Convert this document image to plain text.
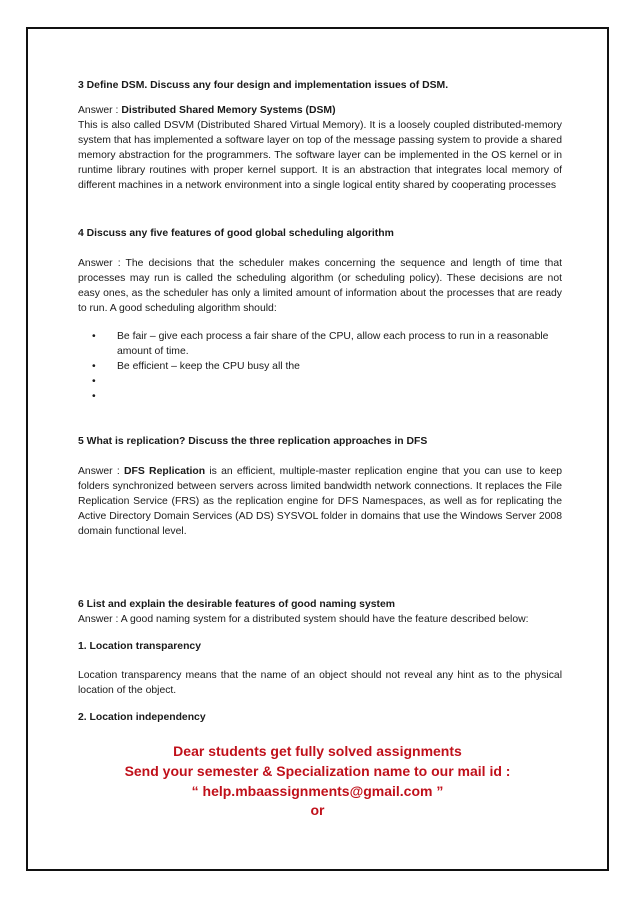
3 Define DSM. Discuss any four design and implementation issues of DSM.

Answer : Distributed Shared Memory Systems (DSM)

This is also called DSVM (Distributed Shared Virtual Memory). It is a loosely coupled distributed-memory system that has implemented a software layer on top of the message passing system to provide a shared memory abstraction for the programmers. The software layer can be implemented in the OS kernel or in runtime library routines with proper kernel support. It is an abstraction that integrates local memory of different machines in a network environment into a single logical entity shared by cooperating processes

4 Discuss any five features of good global scheduling algorithm

Answer : The decisions that the scheduler makes concerning the sequence and length of time that processes may run is called the scheduling algorithm (or scheduling policy). These decisions are not easy ones, as the scheduler has only a limited amount of information about the processes that are ready to run. A good scheduling algorithm should:

• Be fair – give each process a fair share of the CPU, allow each process to run in a reasonable amount of time.
• Be efficient – keep the CPU busy all the
•
•

5 What is replication? Discuss the three replication approaches in DFS

Answer : DFS Replication is an efficient, multiple-master replication engine that you can use to keep folders synchronized between servers across limited bandwidth network connections. It replaces the File Replication Service (FRS) as the replication engine for DFS Namespaces, as well as for replicating the Active Directory Domain Services (AD DS) SYSVOL folder in domains that use the Windows Server 2008 domain functional level.

6 List and explain the desirable features of good naming system

Answer : A good naming system for a distributed system should have the feature described below:

1. Location transparency

Location transparency means that the name of an object should not reveal any hint as to the physical location of the object.

2. Location independency

Dear students get fully solved assignments
Send your semester & Specialization name to our mail id :
“ help.mbaassignments@gmail.com ”
or
